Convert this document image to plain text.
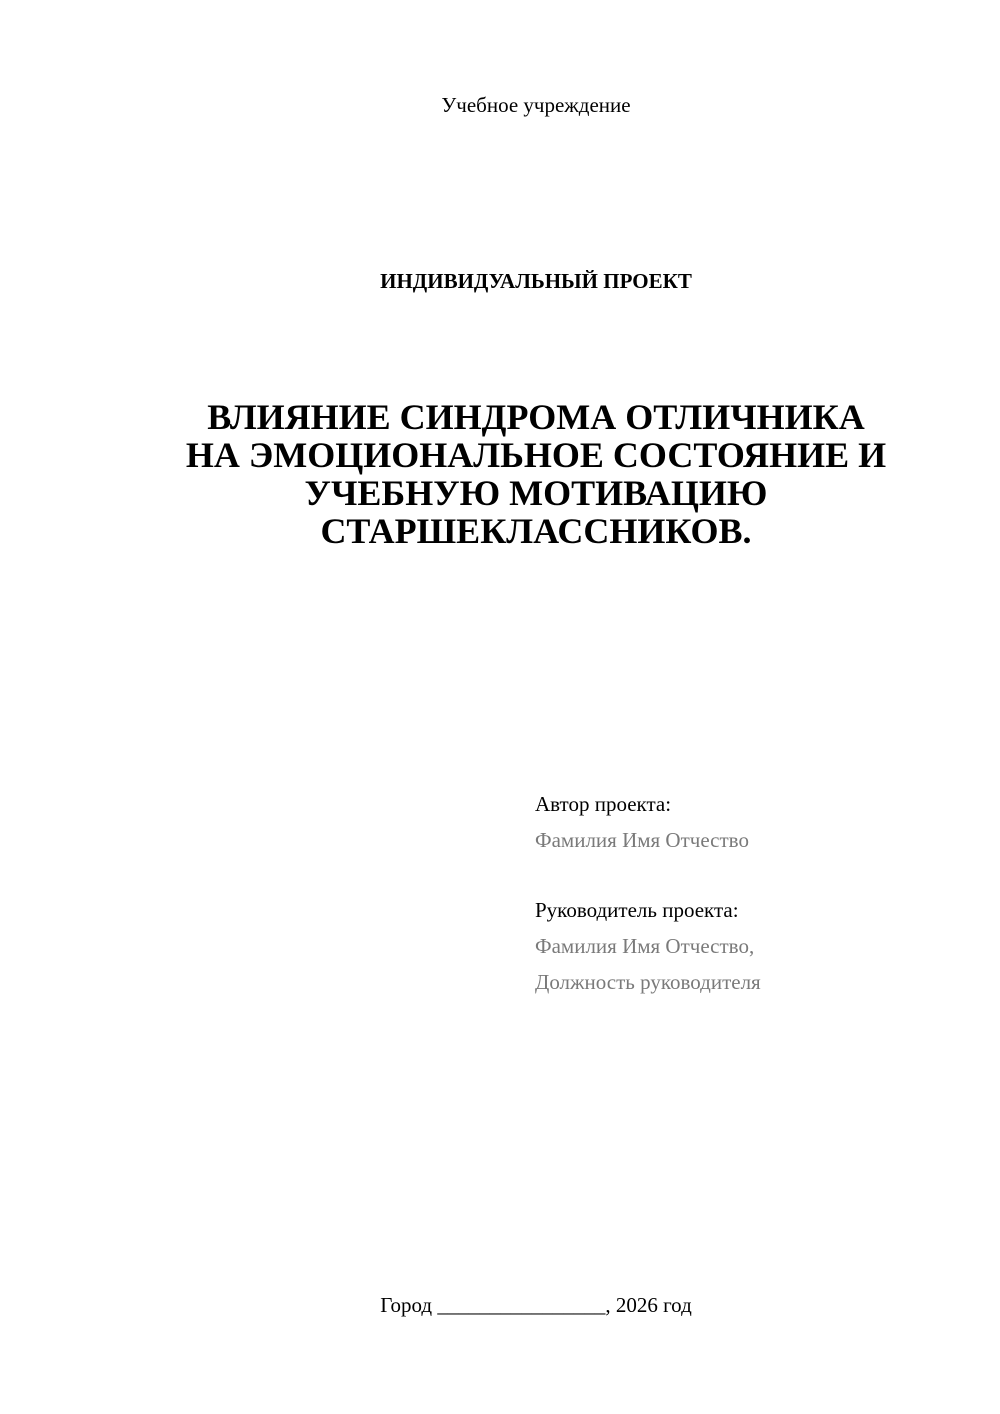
Учебное учреждение
ИНДИВИДУАЛЬНЫЙ ПРОЕКТ
ВЛИЯНИЕ СИНДРОМА ОТЛИЧНИКА
НА ЭМОЦИОНАЛЬНОЕ СОСТОЯНИЕ И
УЧЕБНУЮ МОТИВАЦИЮ
СТАРШЕКЛАССНИКОВ.
Автор проекта:
Фамилия Имя Отчество
Руководитель проекта:
Фамилия Имя Отчество,
Должность руководителя
Город ________________, 2026 год
